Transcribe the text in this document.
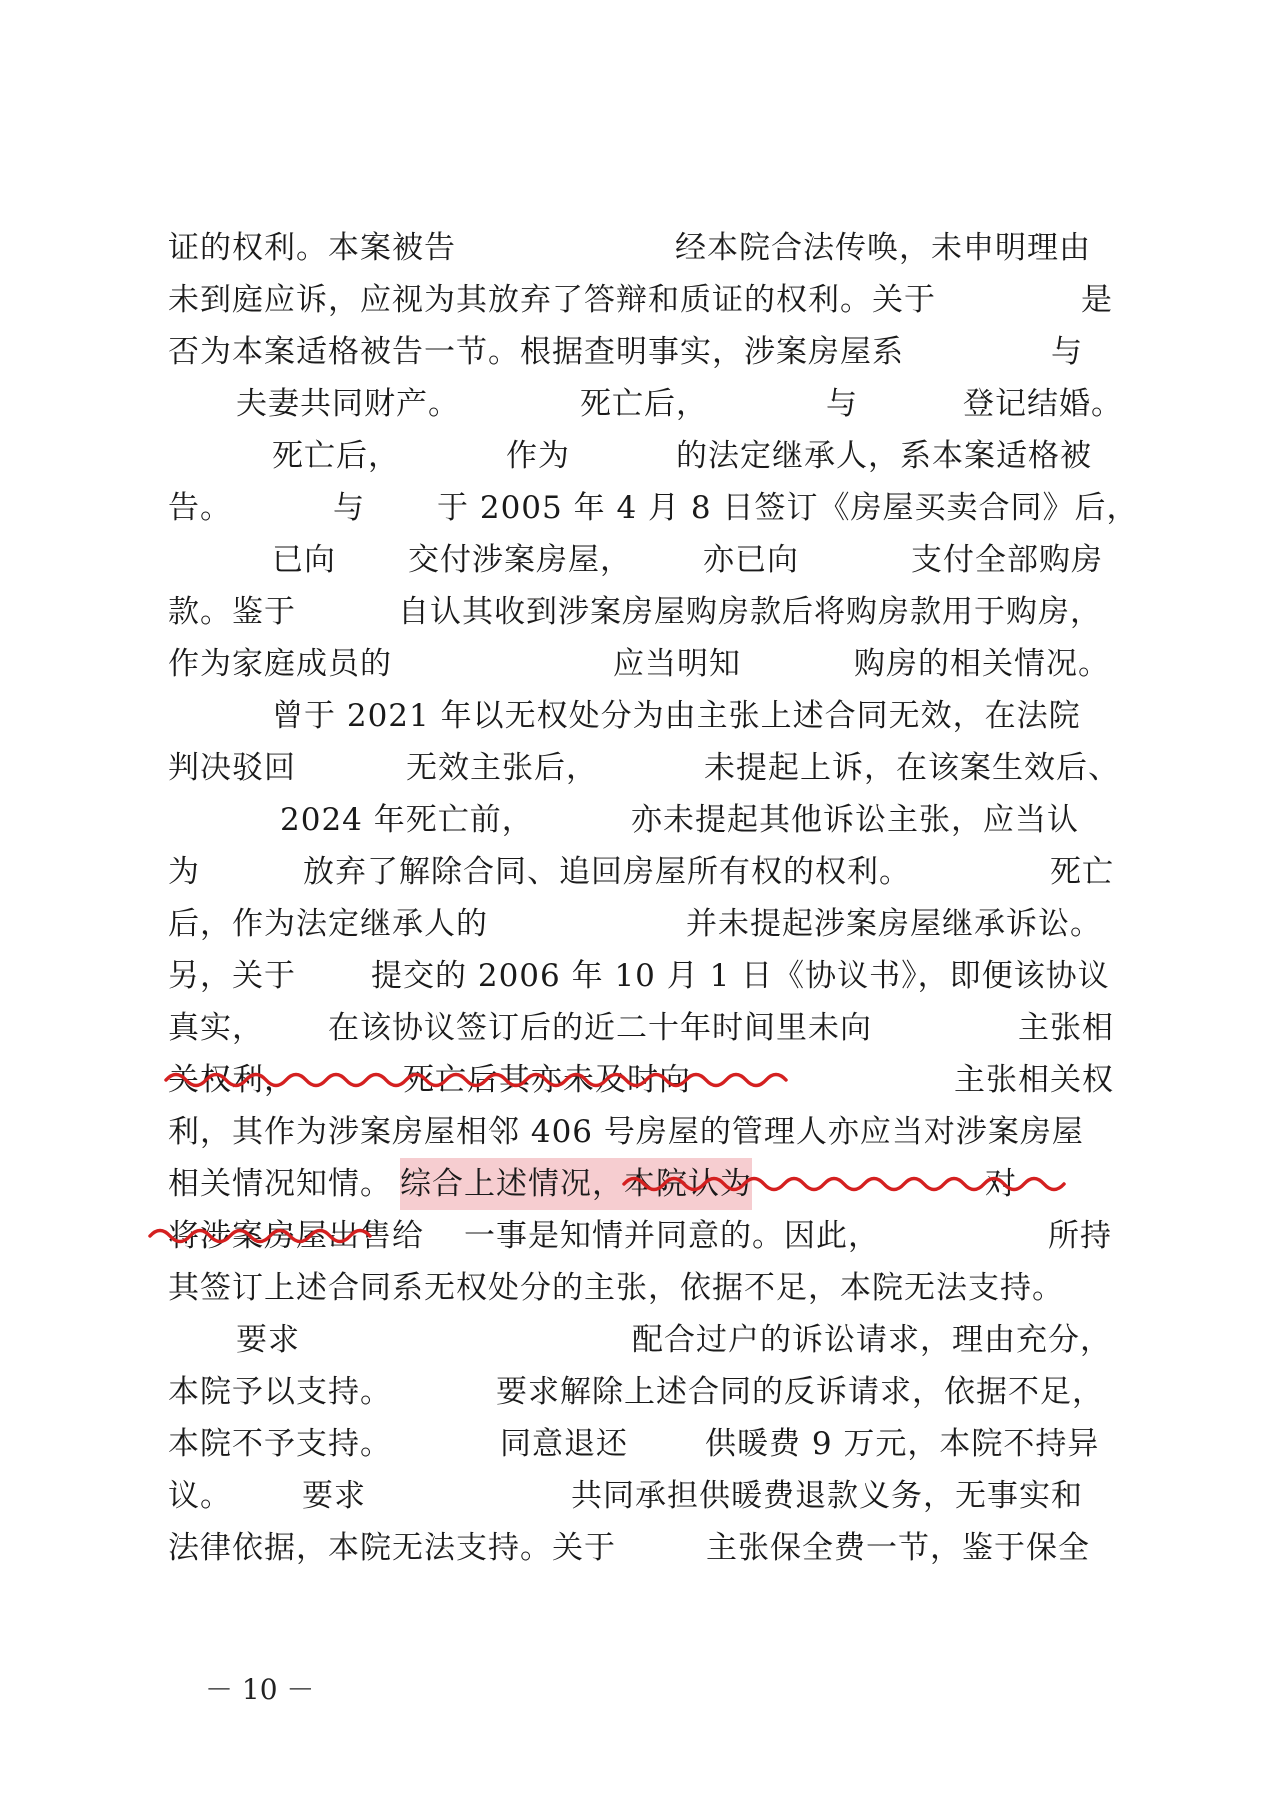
证的权利。本案被告	经本院合法传唤，未申明理由
未到庭应诉，应视为其放弃了答辩和质证的权利。关于	是
否为本案适格被告一节。根据查明事实，涉案房屋系	与
夫妻共同财产。	死亡后，	与	登记结婚。
死亡后，	作为	的法定继承人，系本案适格被
告。	与 于 2005 年 4 月 8 日签订《房屋买卖合同》后，
已向 交付涉案房屋， 亦已向	支付全部购房
款。鉴于	自认其收到涉案房屋购房款后将购房款用于购房，
作为家庭成员的	应当明知	购房的相关情况。
曾于 2021 年以无权处分为由主张上述合同无效，在法院
判决驳回	无效主张后，	未提起上诉，在该案生效后、
2024 年死亡前，	亦未提起其他诉讼主张，应当认
为	放弃了解除合同、追回房屋所有权的权利。	死亡
后，作为法定继承人的	并未提起涉案房屋继承诉讼。
另，关于 提交的 2006 年 10 月 1 日《协议书》，即便该协议
真实， 在该协议签订后的近二十年时间里未向	主张相
关权利，	死亡后其亦未及时向	主张相关权
利，其作为涉案房屋相邻 406 号房屋的管理人亦应当对涉案房屋
相关情况知情。 综合上述情况，本院认为	对
将涉案房屋出售给 一事是知情并同意的。因此，	所持
其签订上述合同系无权处分的主张，依据不足，本院无法支持。
要求	配合过户的诉讼请求，理由充分，
本院予以支持。	要求解除上述合同的反诉请求，依据不足，
本院不予支持。	同意退还 供暖费 9 万元，本院不持异
议。 要求	共同承担供暖费退款义务，无事实和
法律依据，本院无法支持。关于	主张保全费一节，鉴于保全
－ 10 －
